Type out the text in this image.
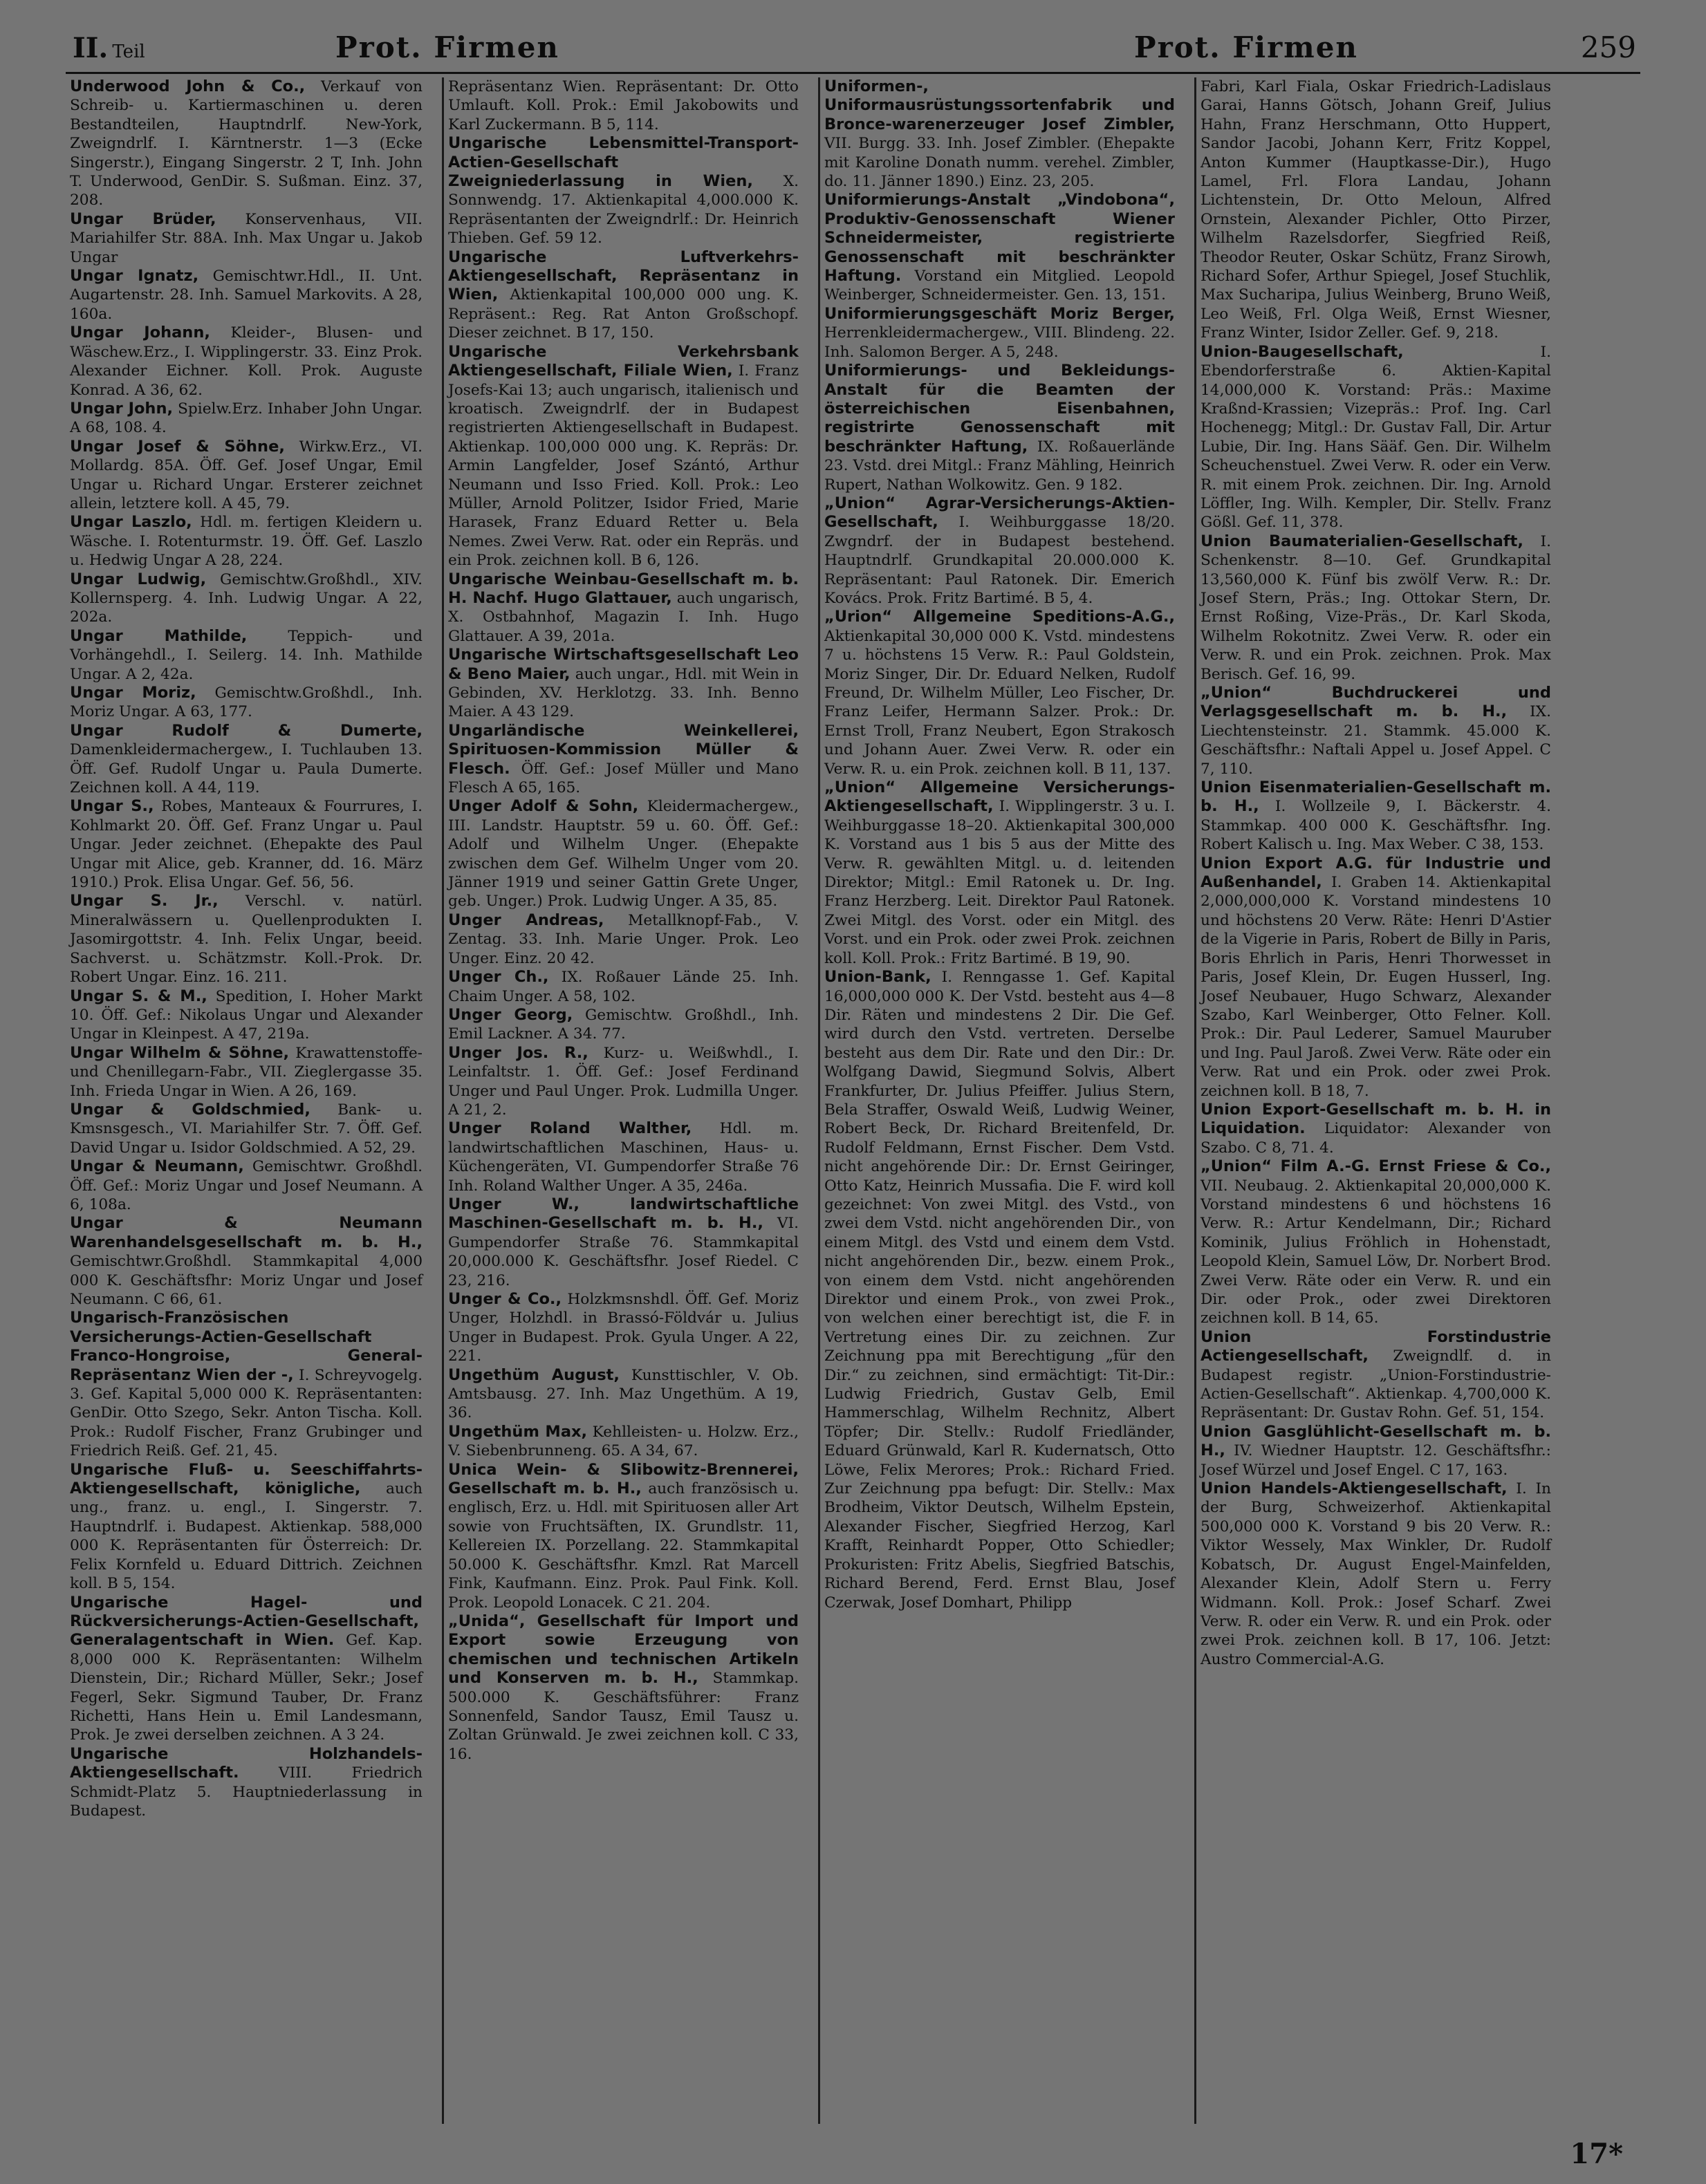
II. Teil	Prot. Firmen	Prot. Firmen	259

Underwood John & Co., Verkauf von Schreib- u. Kartiermaschinen u. deren Bestandteilen, Hauptndrlf. New-York, Zweigndrlf. I. Kärntnerstr. 1—3 (Ecke Singerstr.), Eingang Singerstr. 2 T, Inh. John T. Underwood, GenDir. S. Sußman. Einz. 37, 208.

Ungar Brüder, Konservenhaus, VII. Mariahilfer Str. 88A. Inh. Max Ungar u. Jakob Ungar

Ungar Ignatz, Gemischtwr.Hdl., II. Unt. Augartenstr. 28. Inh. Samuel Markovits. A 28, 160a.

Ungar Johann, Kleider-, Blusen- und Wäschew.Erz., I. Wipplingerstr. 33. Einz Prok. Alexander Eichner. Koll. Prok. Auguste Konrad. A 36, 62.

Ungar John, Spielw.Erz. Inhaber John Ungar. A 68, 108. 4.

Ungar Josef & Söhne, Wirkw.Erz., VI. Mollardg. 85A. Öff. Gef. Josef Ungar, Emil Ungar u. Richard Ungar. Ersterer zeichnet allein, letztere koll. A 45, 79.

Ungar Laszlo, Hdl. m. fertigen Kleidern u. Wäsche. I. Rotenturmstr. 19. Öff. Gef. Laszlo u. Hedwig Ungar A 28, 224.

Ungar Ludwig, Gemischtw.Großhdl., XIV. Kollernsperg. 4. Inh. Ludwig Ungar. A 22, 202a.

Ungar Mathilde,	Teppich- und Vorhängehdl., I. Seilerg. 14. Inh. Mathilde Ungar. A 2, 42a.

Ungar Moriz, Gemischtw.Großhdl., Inh. Moriz Ungar. A 63, 177.

Ungar Rudolf & Dumerte, Damenkleidermachergew., I. Tuchlauben 13. Öff. Gef. Rudolf Ungar u. Paula Dumerte. Zeichnen koll. A 44, 119.

Ungar S., Robes, Manteaux & Fourrures, I. Kohlmarkt 20. Öff. Gef. Franz Ungar u. Paul Ungar. Jeder zeichnet. (Ehepakte des Paul Ungar mit Alice, geb. Kranner, dd. 16. März 1910.) Prok. Elisa Ungar. Gef. 56, 56.

Ungar S. Jr., Verschl. v. natürl. Mineralwässern u. Quellenprodukten I. Jasomirgottstr. 4. Inh. Felix Ungar, beeid. Sachverst. u. Schätzmstr. Koll.-Prok. Dr. Robert Ungar. Einz. 16. 211.

Ungar S. & M., Spedition, I. Hoher Markt 10. Öff. Gef.: Nikolaus Ungar und Alexander Ungar in Kleinpest. A 47, 219a.

Ungar Wilhelm & Söhne, Krawattenstoffe- und Chenillegarn-Fabr., VII. Zieglergasse 35. Inh. Frieda Ungar in Wien. A 26, 169.

Ungar & Goldschmied, Bank- u. Kmsnsgesch., VI. Mariahilfer Str. 7. Öff. Gef. David Ungar u. Isidor Goldschmied. A 52, 29.

Ungar & Neumann, Gemischtwr. Großhdl. Öff. Gef.: Moriz Ungar und Josef Neumann. A 6, 108a.

Ungar & Neumann Warenhandelsgesellschaft m. b. H., Gemischtwr.Großhdl. Stammkapital 4,000 000 K. Geschäftsfhr: Moriz Ungar und Josef Neumann. C 66, 61.

Ungarisch-Französischen Versicherungs-Actien-Gesellschaft Franco-Hongroise, General-Repräsentanz Wien der -, I. Schreyvogelg. 3. Gef. Kapital 5,000 000 K. Repräsentanten: GenDir. Otto Szego, Sekr. Anton Tischa. Koll. Prok.: Rudolf Fischer, Franz Grubinger und Friedrich Reiß. Gef. 21, 45.

Ungarische Fluß- u. Seeschiffahrts-Aktiengesellschaft, königliche, auch ung., franz. u. engl., I. Singerstr. 7. Hauptndrlf. i. Budapest. Aktienkap. 588,000 000 K. Repräsentanten für Österreich: Dr. Felix Kornfeld u. Eduard Dittrich. Zeichnen koll. B 5, 154.

Ungarische Hagel- und Rückversicherungs-Actien-Gesellschaft, Generalagentschaft in Wien. Gef. Kap. 8,000 000 K. Repräsentanten: Wilhelm Dienstein, Dir.; Richard Müller, Sekr.; Josef Fegerl, Sekr. Sigmund Tauber, Dr. Franz Richetti, Hans Hein u. Emil Landesmann, Prok. Je zwei derselben zeichnen. A 3 24.

Ungarische Holzhandels-Aktiengesellschaft.	VIII. Friedrich Schmidt-Platz 5. Hauptniederlassung in Budapest.

Repräsentanz Wien. Repräsentant: Dr. Otto Umlauft. Koll. Prok.: Emil Jakobowits und Karl Zuckermann. B 5, 114.

Ungarische Lebensmittel-Transport-Actien-Gesellschaft Zweigniederlassung in Wien, X. Sonnwendg. 17. Aktienkapital 4,000.000 K. Repräsentanten der Zweigndrlf.: Dr. Heinrich Thieben. Gef. 59 12.

Ungarische Luftverkehrs-Aktiengesellschaft, Repräsentanz in Wien, Aktienkapital 100,000 000 ung. K. Repräsent.: Reg. Rat Anton Großschopf. Dieser zeichnet. B 17, 150.

Ungarische Verkehrsbank Aktiengesellschaft, Filiale Wien, I. Franz Josefs-Kai 13; auch ungarisch, italienisch und kroatisch. Zweigndrlf. der in Budapest registrierten Aktiengesellschaft in Budapest. Aktienkap. 100,000 000 ung. K. Repräs: Dr. Armin Langfelder, Josef Szántó, Arthur Neumann und Isso Fried. Koll. Prok.: Leo Müller, Arnold Politzer, Isidor Fried, Marie Harasek, Franz Eduard Retter u. Bela Nemes. Zwei Verw. Rat. oder ein Repräs. und ein Prok. zeichnen koll. B 6, 126.

Ungarische Weinbau-Gesellschaft m. b. H. Nachf. Hugo Glattauer, auch ungarisch, X. Ostbahnhof, Magazin I. Inh. Hugo Glattauer. A 39, 201a.

Ungarische Wirtschaftsgesellschaft Leo & Beno Maier, auch ungar., Hdl. mit Wein in Gebinden, XV. Herklotzg. 33. Inh. Benno Maier. A 43 129.

Ungarländische Weinkellerei, Spirituosen-Kommission Müller & Flesch. Öff. Gef.: Josef Müller und Mano Flesch A 65, 165.

Unger Adolf & Sohn, Kleidermachergew., III. Landstr. Hauptstr. 59 u. 60. Öff. Gef.: Adolf und Wilhelm Unger. (Ehepakte zwischen dem Gef. Wilhelm Unger vom 20. Jänner 1919 und seiner Gattin Grete Unger, geb. Unger.) Prok. Ludwig Unger. A 35, 85.

Unger Andreas, Metallknopf-Fab., V. Zentag. 33. Inh. Marie Unger. Prok. Leo Unger. Einz. 20 42.

Unger Ch., IX. Roßauer Lände 25. Inh. Chaim Unger. A 58, 102.

Unger Georg, Gemischtw. Großhdl., Inh. Emil Lackner. A 34. 77.

Unger Jos. R., Kurz- u. Weißwhdl., I. Leinfaltstr. 1. Öff. Gef.: Josef Ferdinand Unger und Paul Unger. Prok. Ludmilla Unger. A 21, 2.

Unger Roland Walther, Hdl. m. landwirtschaftlichen Maschinen, Haus- u. Küchengeräten, VI. Gumpendorfer Straße 76 Inh. Roland Walther Unger. A 35, 246a.

Unger W., landwirtschaftliche Maschinen-Gesellschaft m. b. H., VI. Gumpendorfer Straße 76. Stammkapital 20,000.000 K. Geschäftsfhr. Josef Riedel. C 23, 216.

Unger & Co., Holzkmsnshdl. Öff. Gef. Moriz Unger, Holzhdl. in Brassó-Földvár u. Julius Unger in Budapest. Prok. Gyula Unger. A 22, 221.

Ungethüm August, Kunsttischler, V. Ob. Amtsbausg. 27. Inh. Maz Ungethüm. A 19, 36.

Ungethüm Max, Kehlleisten- u. Holzw. Erz., V. Siebenbrunneng. 65. A 34, 67.

Unica Wein- & Slibowitz-Brennerei, Gesellschaft m. b. H., auch französisch u. englisch, Erz. u. Hdl. mit Spirituosen aller Art sowie von Fruchtsäften, IX. Grundlstr. 11, Kellereien IX. Porzellang. 22. Stammkapital 50.000 K. Geschäftsfhr. Kmzl. Rat Marcell Fink, Kaufmann. Einz. Prok. Paul Fink. Koll. Prok. Leopold Lonacek. C 21. 204.

„Unida“, Gesellschaft für Import und Export sowie Erzeugung von chemischen und technischen Artikeln und Konserven m. b. H., Stammkap. 500.000 K. Geschäftsführer: Franz Sonnenfeld, Sandor Tausz, Emil Tausz u. Zoltan Grünwald. Je zwei zeichnen koll. C 33, 16.

Uniformen-, Uniformausrüstungssortenfabrik und Bronce-warenerzeuger Josef Zimbler, VII. Burgg. 33. Inh. Josef Zimbler. (Ehepakte mit Karoline Donath numm. verehel. Zimbler, do. 11. Jänner 1890.) Einz. 23, 205.

Uniformierungs-Anstalt „Vindobona“, Produktiv-Genossenschaft Wiener Schneidermeister, registrierte Genossenschaft mit beschränkter Haftung. Vorstand ein Mitglied. Leopold Weinberger, Schneidermeister. Gen. 13, 151.

Uniformierungsgeschäft Moriz Berger, Herrenkleidermachergew., VIII. Blindeng. 22. Inh. Salomon Berger. A 5, 248.

Uniformierungs- und Bekleidungs-Anstalt für die Beamten der österreichischen Eisenbahnen, registrirte Genossenschaft mit beschränkter Haftung, IX. Roßauerlände 23. Vstd. drei Mitgl.: Franz Mähling, Heinrich Rupert, Nathan Wolkowitz. Gen. 9 182.

„Union“ Agrar-Versicherungs-Aktien-Gesellschaft, I. Weihburggasse 18/20. Zwgndrf. der in Budapest bestehend. Hauptndrlf. Grundkapital 20.000.000 K. Repräsentant: Paul Ratonek. Dir. Emerich Kovács. Prok. Fritz Bartimé. B 5, 4.

„Urion“ Allgemeine Speditions-A.G., Aktienkapital 30,000 000 K. Vstd. mindestens 7 u. höchstens 15 Verw. R.: Paul Goldstein, Moriz Singer, Dir. Dr. Eduard Nelken, Rudolf Freund, Dr. Wilhelm Müller, Leo Fischer, Dr. Franz Leifer, Hermann Salzer. Prok.: Dr. Ernst Troll, Franz Neubert, Egon Strakosch und Johann Auer. Zwei Verw. R. oder ein Verw. R. u. ein Prok. zeichnen koll. B 11, 137.

„Union“ Allgemeine Versicherungs-Aktiengesellschaft, I. Wipplingerstr. 3 u. I. Weihburggasse 18–20. Aktienkapital 300,000 K. Vorstand aus 1 bis 5 aus der Mitte des Verw. R. gewählten Mitgl. u. d. leitenden Direktor; Mitgl.: Emil Ratonek u. Dr. Ing. Franz Herzberg. Leit. Direktor Paul Ratonek. Zwei Mitgl. des Vorst. oder ein Mitgl. des Vorst. und ein Prok. oder zwei Prok. zeichnen koll. Koll. Prok.: Fritz Bartimé. B 19, 90.

Union-Bank, I. Renngasse 1. Gef. Kapital 16,000,000 000 K. Der Vstd. besteht aus 4—8 Dir. Räten und mindestens 2 Dir. Die Gef. wird durch den Vstd. vertreten. Derselbe besteht aus dem Dir. Rate und den Dir.: Dr. Wolfgang Dawid, Siegmund Solvis, Albert Frankfurter, Dr. Julius Pfeiffer. Julius Stern, Bela Straffer, Oswald Weiß, Ludwig Weiner, Robert Beck, Dr. Richard Breitenfeld, Dr. Rudolf Feldmann, Ernst Fischer. Dem Vstd. nicht angehörende Dir.: Dr. Ernst Geiringer, Otto Katz, Heinrich Mussafia. Die F. wird koll gezeichnet: Von zwei Mitgl. des Vstd., von zwei dem Vstd. nicht angehörenden Dir., von einem Mitgl. des Vstd und einem dem Vstd. nicht angehörenden Dir., bezw. einem Prok., von einem dem Vstd. nicht angehörenden Direktor und einem Prok., von zwei Prok., von welchen einer berechtigt ist, die F. in Vertretung eines Dir. zu zeichnen. Zur Zeichnung ppa mit Berechtigung „für den Dir.“ zu zeichnen, sind ermächtigt: Tit-Dir.: Ludwig Friedrich, Gustav Gelb, Emil Hammerschlag, Wilhelm Rechnitz, Albert Töpfer; Dir. Stellv.: Rudolf Friedländer, Eduard Grünwald, Karl R. Kudernatsch, Otto Löwe, Felix Merores; Prok.: Richard Fried. Zur Zeichnung ppa befugt: Dir. Stellv.: Max Brodheim, Viktor Deutsch, Wilhelm Epstein, Alexander Fischer, Siegfried Herzog, Karl Krafft, Reinhardt Popper, Otto Schiedler; Prokuristen: Fritz Abelis, Siegfried Batschis, Richard Berend, Ferd. Ernst Blau, Josef Czerwak, Josef Domhart, Philipp

Fabri, Karl Fiala, Oskar Friedrich-Ladislaus Garai, Hanns Götsch, Johann Greif, Julius Hahn, Franz Herschmann, Otto Huppert, Sandor Jacobi, Johann Kerr, Fritz Koppel, Anton Kummer (Hauptkasse-Dir.), Hugo Lamel, Frl. Flora Landau, Johann Lichtenstein, Dr. Otto Meloun, Alfred Ornstein, Alexander Pichler, Otto Pirzer, Wilhelm Razelsdorfer, Siegfried Reiß, Theodor Reuter, Oskar Schütz, Franz Sirowh, Richard Sofer, Arthur Spiegel, Josef Stuchlik, Max Sucharipa, Julius Weinberg, Bruno Weiß, Leo Weiß, Frl. Olga Weiß, Ernst Wiesner, Franz Winter, Isidor Zeller. Gef. 9, 218.

Union-Baugesellschaft,	I. Ebendorferstraße 6. Aktien-Kapital 14,000,000 K. Vorstand: Präs.: Maxime Kraßnd-Krassien; Vizepräs.: Prof. Ing. Carl Hochenegg; Mitgl.: Dr. Gustav Fall, Dir. Artur Lubie, Dir. Ing. Hans Sääf. Gen. Dir. Wilhelm Scheuchenstuel. Zwei Verw. R. oder ein Verw. R. mit einem Prok. zeichnen. Dir. Ing. Arnold Löffler, Ing. Wilh. Kempler, Dir. Stellv. Franz Gößl. Gef. 11, 378.

Union Baumaterialien-Gesellschaft, I. Schenkenstr. 8—10. Gef. Grundkapital 13,560,000 K. Fünf bis zwölf Verw. R.: Dr. Josef Stern, Präs.; Ing. Ottokar Stern, Dr. Ernst Roßing, Vize-Präs., Dr. Karl Skoda, Wilhelm Rokotnitz. Zwei Verw. R. oder ein Verw. R. und ein Prok. zeichnen. Prok. Max Berisch. Gef. 16, 99.

„Union“ Buchdruckerei und Verlagsgesellschaft m. b. H., IX. Liechtensteinstr. 21. Stammk. 45.000 K. Geschäftsfhr.: Naftali Appel u. Josef Appel. C 7, 110.

Union Eisenmaterialien-Gesellschaft m. b. H., I. Wollzeile 9, I. Bäckerstr. 4. Stammkap. 400 000 K. Geschäftsfhr. Ing. Robert Kalisch u. Ing. Max Weber. C 38, 153.

Union Export A.G. für Industrie und Außenhandel, I. Graben 14. Aktienkapital 2,000,000,000 K. Vorstand mindestens 10 und höchstens 20 Verw. Räte: Henri D'Astier de la Vigerie in Paris, Robert de Billy in Paris, Boris Ehrlich in Paris, Henri Thorwesset in Paris, Josef Klein, Dr. Eugen Husserl, Ing. Josef Neubauer, Hugo Schwarz, Alexander Szabo, Karl Weinberger, Otto Felner. Koll. Prok.: Dir. Paul Lederer, Samuel Mauruber und Ing. Paul Jaroß. Zwei Verw. Räte oder ein Verw. Rat und ein Prok. oder zwei Prok. zeichnen koll. B 18, 7.

Union Export-Gesellschaft m. b. H. in Liquidation. Liquidator: Alexander von Szabo. C 8, 71. 4.

„Union“ Film A.-G. Ernst Friese & Co., VII. Neubaug. 2. Aktienkapital 20,000,000 K. Vorstand mindestens 6 und höchstens 16 Verw. R.: Artur Kendelmann, Dir.; Richard Kominik, Julius Fröhlich in Hohenstadt, Leopold Klein, Samuel Löw, Dr. Norbert Brod. Zwei Verw. Räte oder ein Verw. R. und ein Dir. oder Prok., oder zwei Direktoren zeichnen koll. B 14, 65.

Union Forstindustrie Actiengesellschaft, Zweigndlf. d. in Budapest registr. „Union-Forstindustrie-Actien-Gesellschaft“. Aktienkap. 4,700,000 K. Repräsentant: Dr. Gustav Rohn. Gef. 51, 154.

Union Gasglühlicht-Gesellschaft m. b. H., IV. Wiedner Hauptstr. 12. Geschäftsfhr.: Josef Würzel und Josef Engel. C 17, 163.

Union Handels-Aktiengesellschaft, I. In der Burg, Schweizerhof. Aktienkapital 500,000 000 K. Vorstand 9 bis 20 Verw. R.: Viktor Wessely, Max Winkler, Dr. Rudolf Kobatsch, Dr. August Engel-Mainfelden, Alexander Klein, Adolf Stern u. Ferry Widmann. Koll. Prok.: Josef Scharf. Zwei Verw. R. oder ein Verw. R. und ein Prok. oder zwei Prok. zeichnen koll. B 17, 106. Jetzt: Austro Commercial-A.G.

17*
